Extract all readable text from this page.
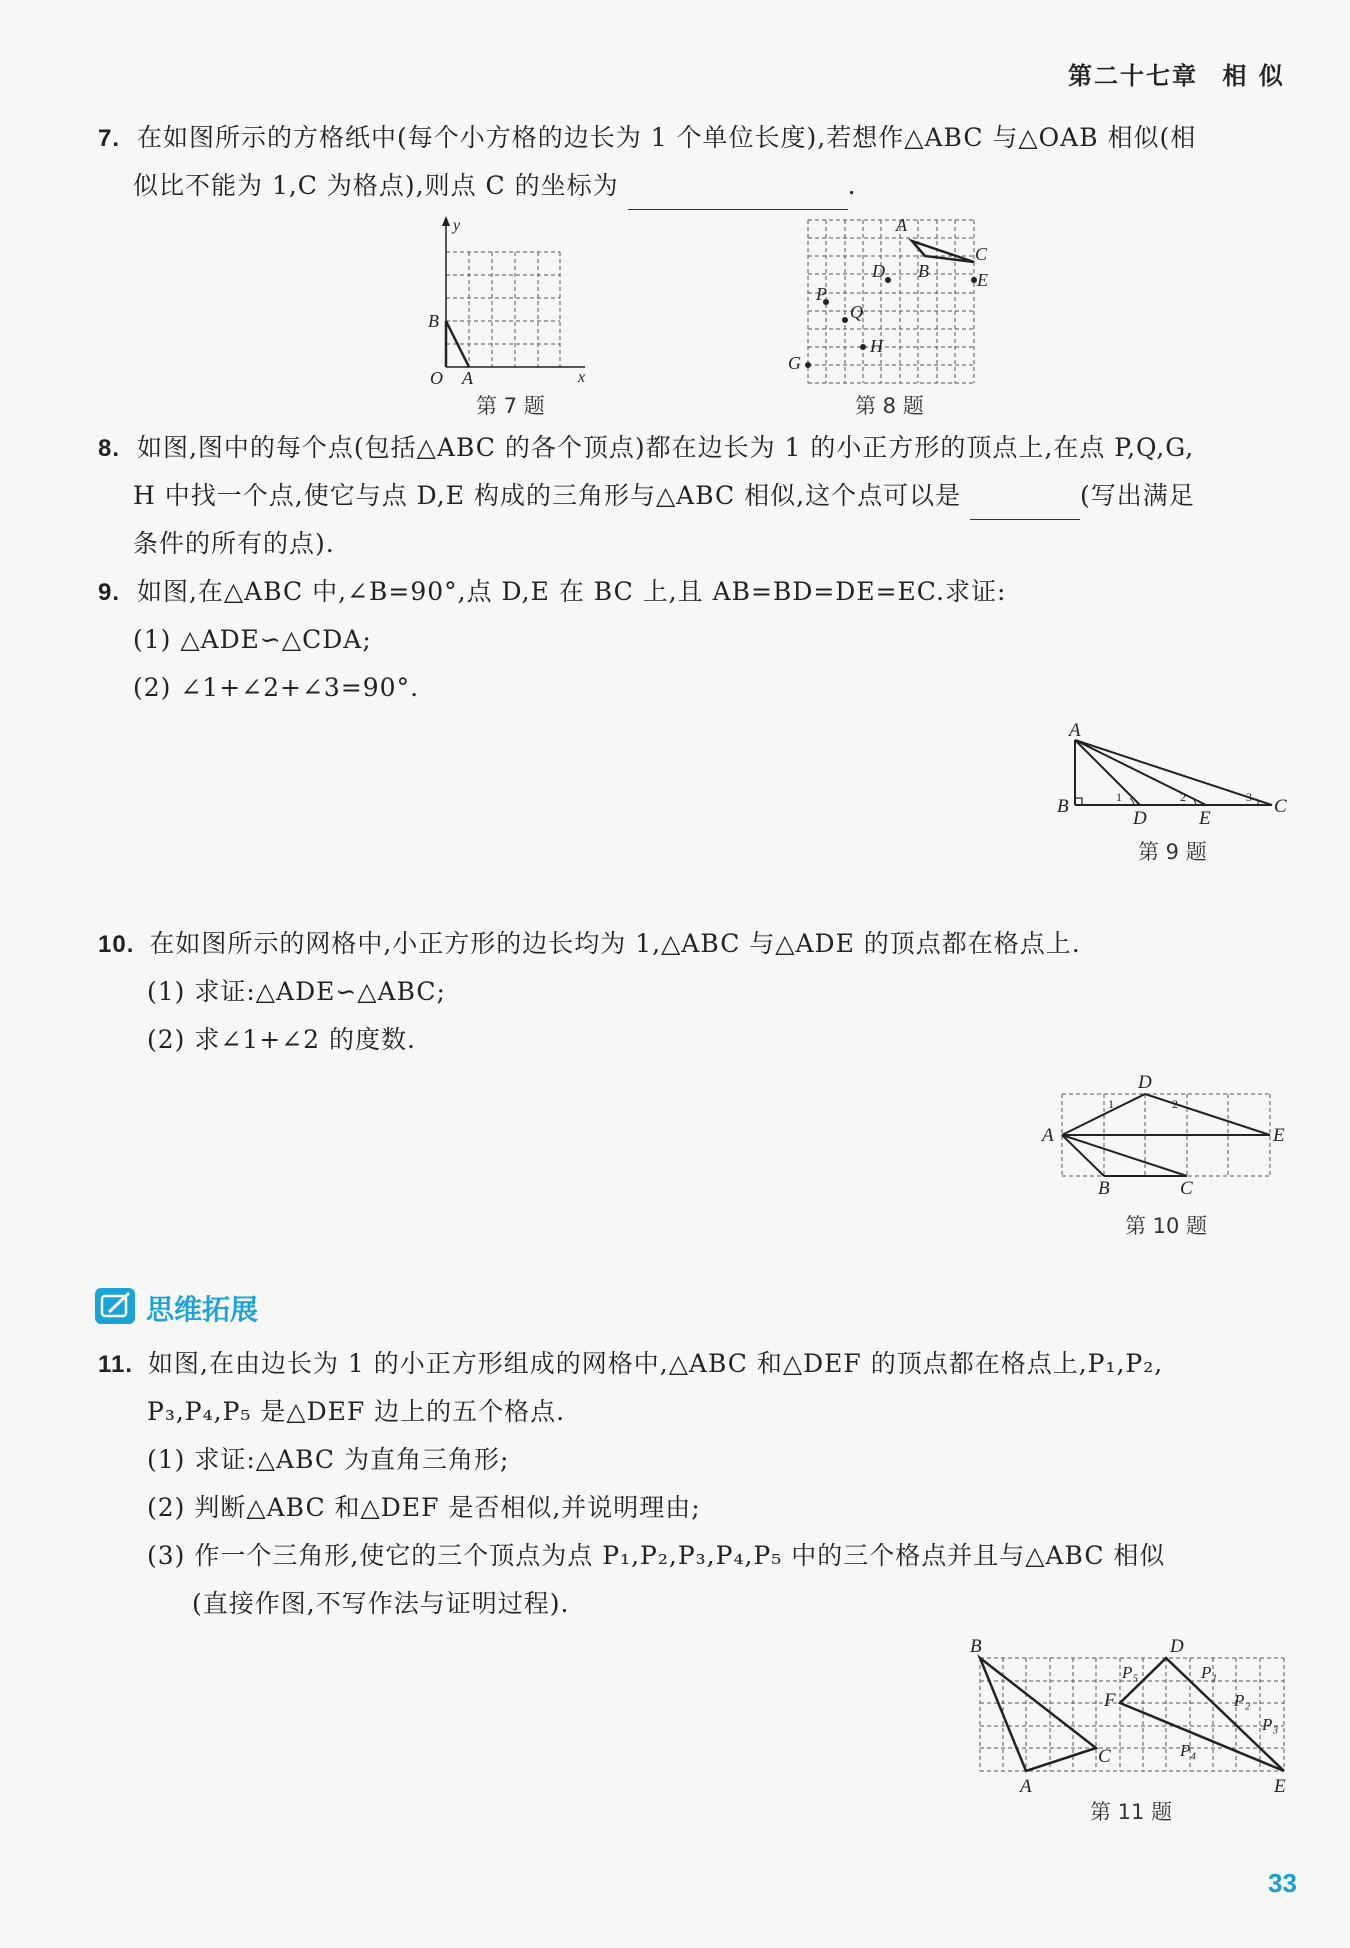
第二十七章 相 似
7. 在如图所示的方格纸中(每个小方格的边长为 1 个单位长度),若想作△ABC 与△OAB 相似(相
似比不能为 1,C 为格点),则点 C 的坐标为	.
y
x
O A
B
第 7 题
A
B
C
D	E
P
Q
G
H
第 8 题
8. 如图,图中的每个点(包括△ABC 的各个顶点)都在边长为 1 的小正方形的顶点上,在点 P,Q,G,
H 中找一个点,使它与点 D,E 构成的三角形与△ABC 相似,这个点可以是	(写出满足
条件的所有的点).
9. 如图,在△ABC 中,∠B=90°,点 D,E 在 BC 上,且 AB=BD=DE=EC.求证:
(1) △ADE∽△CDA;
(2) ∠1+∠2+∠3=90°.
A
B	C
D	E
1	2	3
第 9 题
10. 在如图所示的网格中,小正方形的边长均为 1,△ABC 与△ADE 的顶点都在格点上.
(1) 求证:△ADE∽△ABC;
(2) 求∠1+∠2 的度数.
A
B	C
D
E
1	2
第 10 题
思维拓展
11. 如图,在由边长为 1 的小正方形组成的网格中,△ABC 和△DEF 的顶点都在格点上,P₁,P₂,
P₃,P₄,P₅ 是△DEF 边上的五个格点.
(1) 求证:△ABC 为直角三角形;
(2) 判断△ABC 和△DEF 是否相似,并说明理由;
(3) 作一个三角形,使它的三个顶点为点 P₁,P₂,P₃,P₄,P₅ 中的三个格点并且与△ABC 相似
(直接作图,不写作法与证明过程).
B
A
C
D
E
F
P₁
P₂
P₃
P₄
P₅
第 11 题
33
